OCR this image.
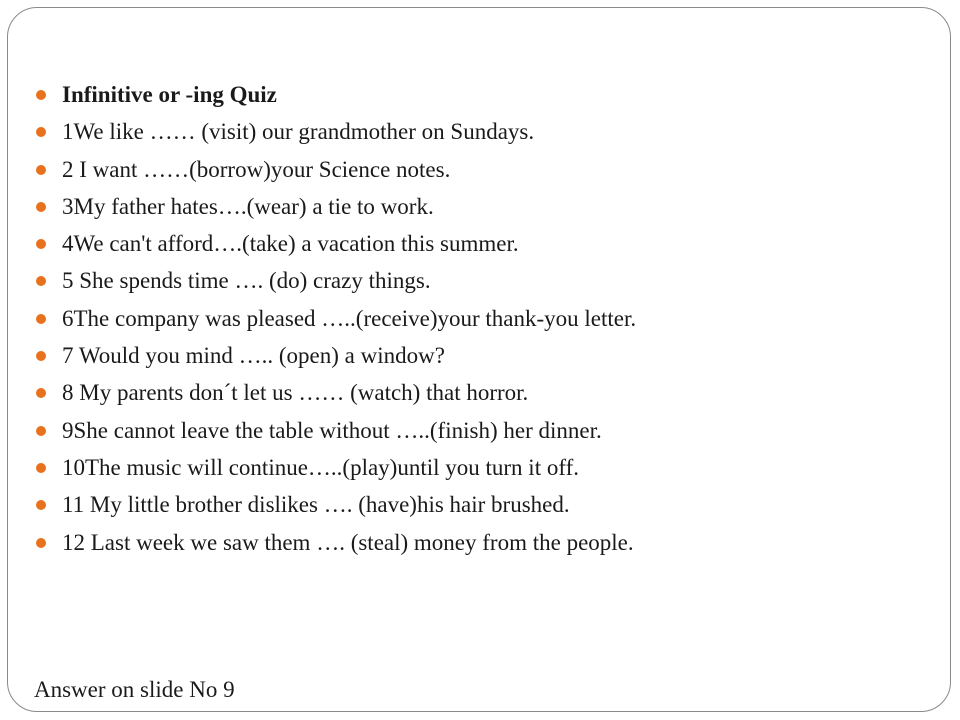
Infinitive or -ing Quiz
1We like …… (visit) our grandmother on Sundays.
2 I want ……(borrow)your Science notes.
3My father hates….(wear) a tie to work.
4We can't afford….(take) a vacation this summer.
5 She spends time …. (do) crazy things.
6The company was pleased …..(receive)your thank-you letter.
7 Would you mind ….. (open) a window?
8 My parents don´t let us …… (watch) that horror.
9She cannot leave the table without …..(finish) her dinner.
10The music will continue…..(play)until you turn it off.
11 My little brother dislikes …. (have)his hair brushed.
12 Last week we saw them …. (steal) money from the people.
Answer on slide No 9
